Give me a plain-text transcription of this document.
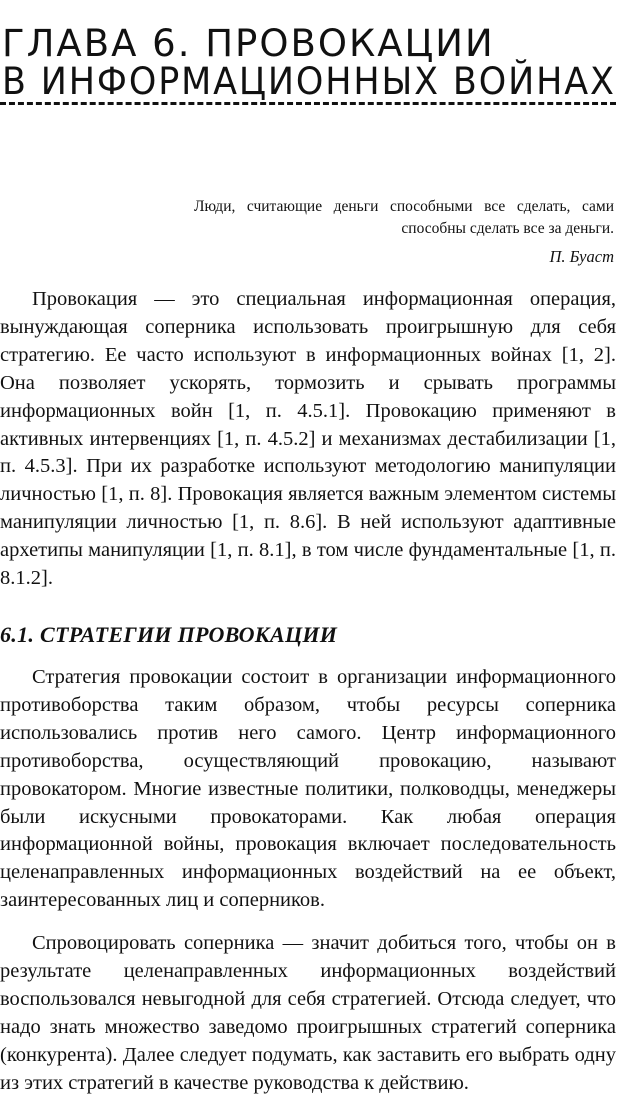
ГЛАВА 6. ПРОВОКАЦИИ
В ИНФОРМАЦИОННЫХ ВОЙНАХ
Люди, считающие деньги способными все сделать, сами способны сделать все за деньги.
П. Буаст

Провокация — это специальная информационная операция, вынуждающая соперника использовать проигрышную для себя стратегию. Ее часто используют в информационных войнах [1, 2]. Она позволяет ускорять, тормозить и срывать программы информационных войн [1, п. 4.5.1]. Провокацию применяют в активных интервенциях [1, п. 4.5.2] и механизмах дестабилизации [1, п. 4.5.3]. При их разработке используют методологию манипуляции личностью [1, п. 8]. Провокация является важным элементом системы манипуляции личностью [1, п. 8.6]. В ней используют адаптивные архетипы манипуляции [1, п. 8.1], в том числе фундаментальные [1, п. 8.1.2].

6.1. СТРАТЕГИИ ПРОВОКАЦИИ

Стратегия провокации состоит в организации информационного противоборства таким образом, чтобы ресурсы соперника использовались против него самого. Центр информационного противоборства, осуществляющий провокацию, называют провокатором. Многие известные политики, полководцы, менеджеры были искусными провокаторами. Как любая операция информационной войны, провокация включает последовательность целенаправленных информационных воздействий на ее объект, заинтересованных лиц и соперников.

Спровоцировать соперника — значит добиться того, чтобы он в результате целенаправленных информационных воздействий воспользовался невыгодной для себя стратегией. Отсюда следует, что надо знать множество заведомо проигрышных стратегий соперника (конкурента). Далее следует подумать, как заставить его выбрать одну из этих стратегий в качестве руководства к действию.
